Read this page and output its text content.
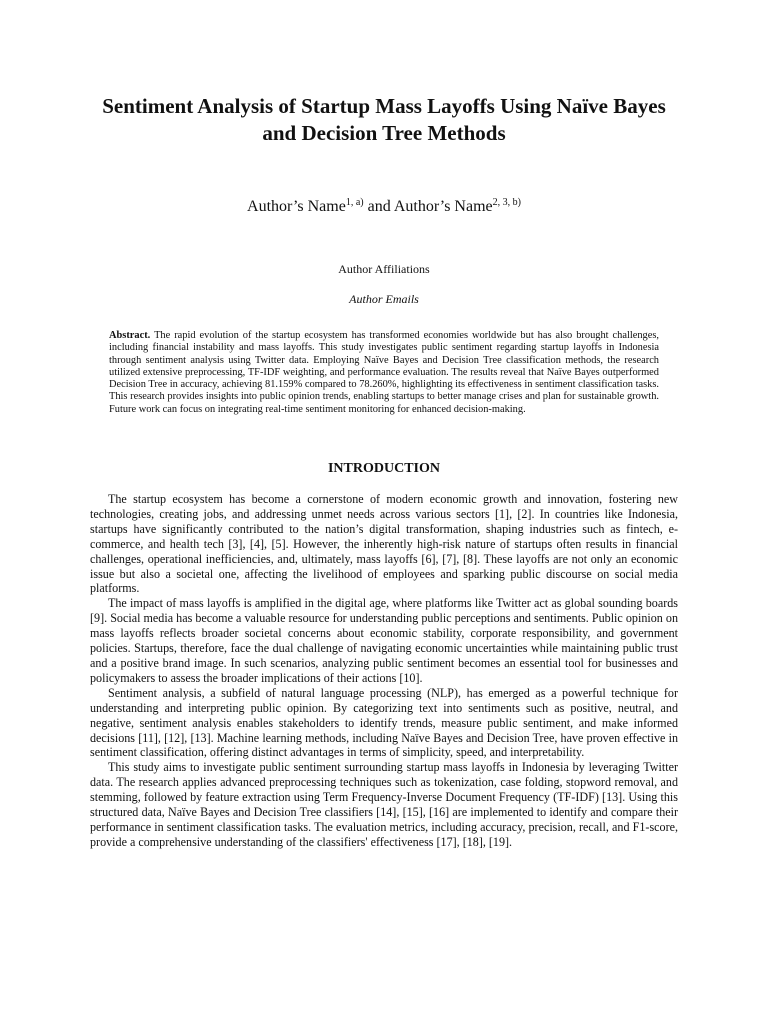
Sentiment Analysis of Startup Mass Layoffs Using Naïve Bayes and Decision Tree Methods
Author’s Name$^{1, a)}$ and Author’s Name$^{2, 3, b)}$
Author Affiliations
Author Emails

Abstract. The rapid evolution of the startup ecosystem has transformed economies worldwide but has also brought challenges, including financial instability and mass layoffs. This study investigates public sentiment regarding startup layoffs in Indonesia through sentiment analysis using Twitter data. Employing Naïve Bayes and Decision Tree classification methods, the research utilized extensive preprocessing, TF-IDF weighting, and performance evaluation. The results reveal that Naïve Bayes outperformed Decision Tree in accuracy, achieving 81.159% compared to 78.260%, highlighting its effectiveness in sentiment classification tasks. This research provides insights into public opinion trends, enabling startups to better manage crises and plan for sustainable growth. Future work can focus on integrating real-time sentiment monitoring for enhanced decision-making.

INTRODUCTION

The startup ecosystem has become a cornerstone of modern economic growth and innovation, fostering new technologies, creating jobs, and addressing unmet needs across various sectors [1], [2]. In countries like Indonesia, startups have significantly contributed to the nation’s digital transformation, shaping industries such as fintech, e-commerce, and health tech [3], [4], [5]. However, the inherently high-risk nature of startups often results in financial challenges, operational inefficiencies, and, ultimately, mass layoffs [6], [7], [8]. These layoffs are not only an economic issue but also a societal one, affecting the livelihood of employees and sparking public discourse on social media platforms.

The impact of mass layoffs is amplified in the digital age, where platforms like Twitter act as global sounding boards [9]. Social media has become a valuable resource for understanding public perceptions and sentiments. Public opinion on mass layoffs reflects broader societal concerns about economic stability, corporate responsibility, and government policies. Startups, therefore, face the dual challenge of navigating economic uncertainties while maintaining public trust and a positive brand image. In such scenarios, analyzing public sentiment becomes an essential tool for businesses and policymakers to assess the broader implications of their actions [10].

Sentiment analysis, a subfield of natural language processing (NLP), has emerged as a powerful technique for understanding and interpreting public opinion. By categorizing text into sentiments such as positive, neutral, and negative, sentiment analysis enables stakeholders to identify trends, measure public sentiment, and make informed decisions [11], [12], [13]. Machine learning methods, including Naïve Bayes and Decision Tree, have proven effective in sentiment classification, offering distinct advantages in terms of simplicity, speed, and interpretability.

This study aims to investigate public sentiment surrounding startup mass layoffs in Indonesia by leveraging Twitter data. The research applies advanced preprocessing techniques such as tokenization, case folding, stopword removal, and stemming, followed by feature extraction using Term Frequency-Inverse Document Frequency (TF-IDF) [13]. Using this structured data, Naïve Bayes and Decision Tree classifiers [14], [15], [16] are implemented to identify and compare their performance in sentiment classification tasks. The evaluation metrics, including accuracy, precision, recall, and F1-score, provide a comprehensive understanding of the classifiers' effectiveness [17], [18], [19].
